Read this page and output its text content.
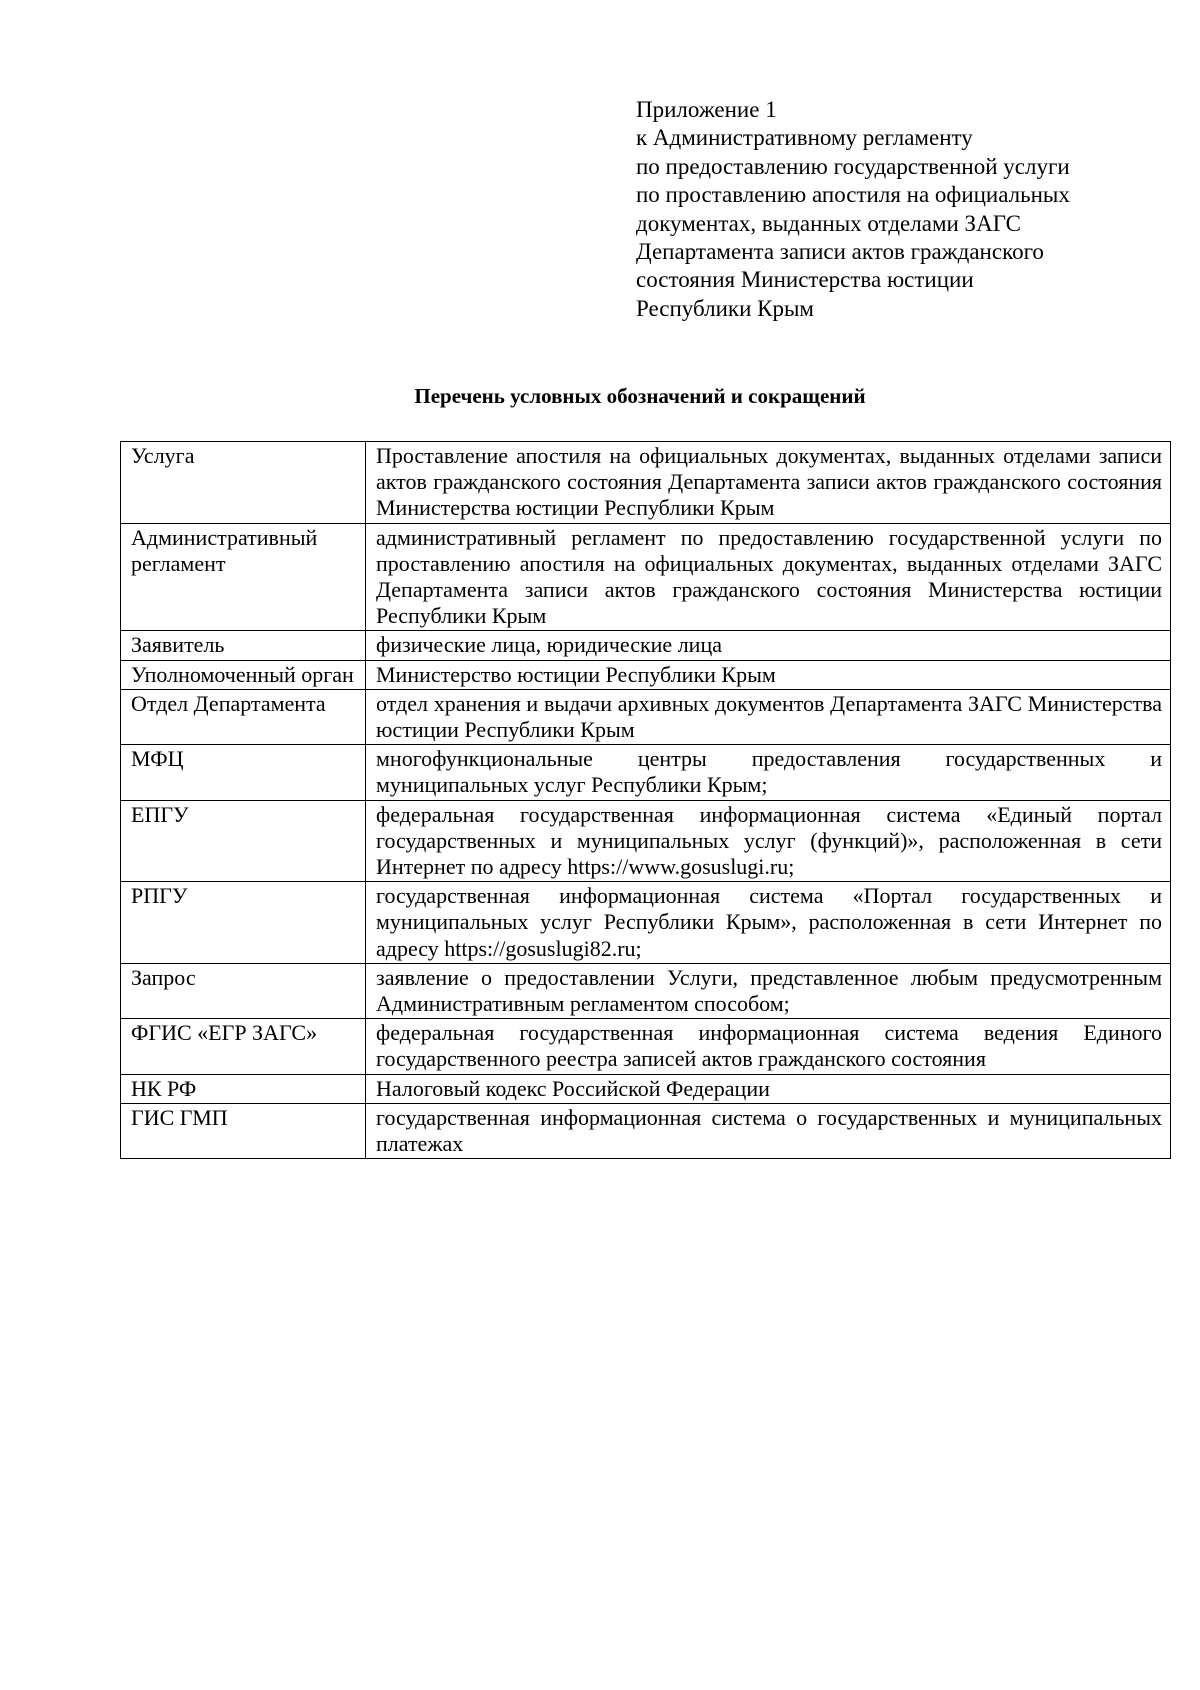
Приложение 1
к Административному регламенту
по предоставлению государственной услуги
по проставлению апостиля на официальных
документах, выданных отделами ЗАГС
Департамента записи актов гражданского
состояния Министерства юстиции
Республики Крым
Перечень условных обозначений и сокращений
Услуга	Проставление апостиля на официальных документах, выданных отделами записи актов гражданского состояния Департамента записи актов гражданского состояния Министерства юстиции Республики Крым
Административный регламент	административный регламент по предоставлению государственной услуги по проставлению апостиля на официальных документах, выданных отделами ЗАГС Департамента записи актов гражданского состояния Министерства юстиции Республики Крым
Заявитель	физические лица, юридические лица
Уполномоченный орган	Министерство юстиции Республики Крым
Отдел Департамента	отдел хранения и выдачи архивных документов Департамента ЗАГС Министерства юстиции Республики Крым
МФЦ	многофункциональные центры предоставления государственных и муниципальных услуг Республики Крым;
ЕПГУ	федеральная государственная информационная система «Единый портал государственных и муниципальных услуг (функций)», расположенная в сети Интернет по адресу https://www.gosuslugi.ru;
РПГУ	государственная информационная система «Портал государственных и муниципальных услуг Республики Крым», расположенная в сети Интернет по адресу https://gosuslugi82.ru;
Запрос	заявление о предоставлении Услуги, представленное любым предусмотренным Административным регламентом способом;
ФГИС «ЕГР ЗАГС»	федеральная государственная информационная система ведения Единого государственного реестра записей актов гражданского состояния
НК РФ	Налоговый кодекс Российской Федерации
ГИС ГМП	государственная информационная система о государственных и муниципальных платежах
